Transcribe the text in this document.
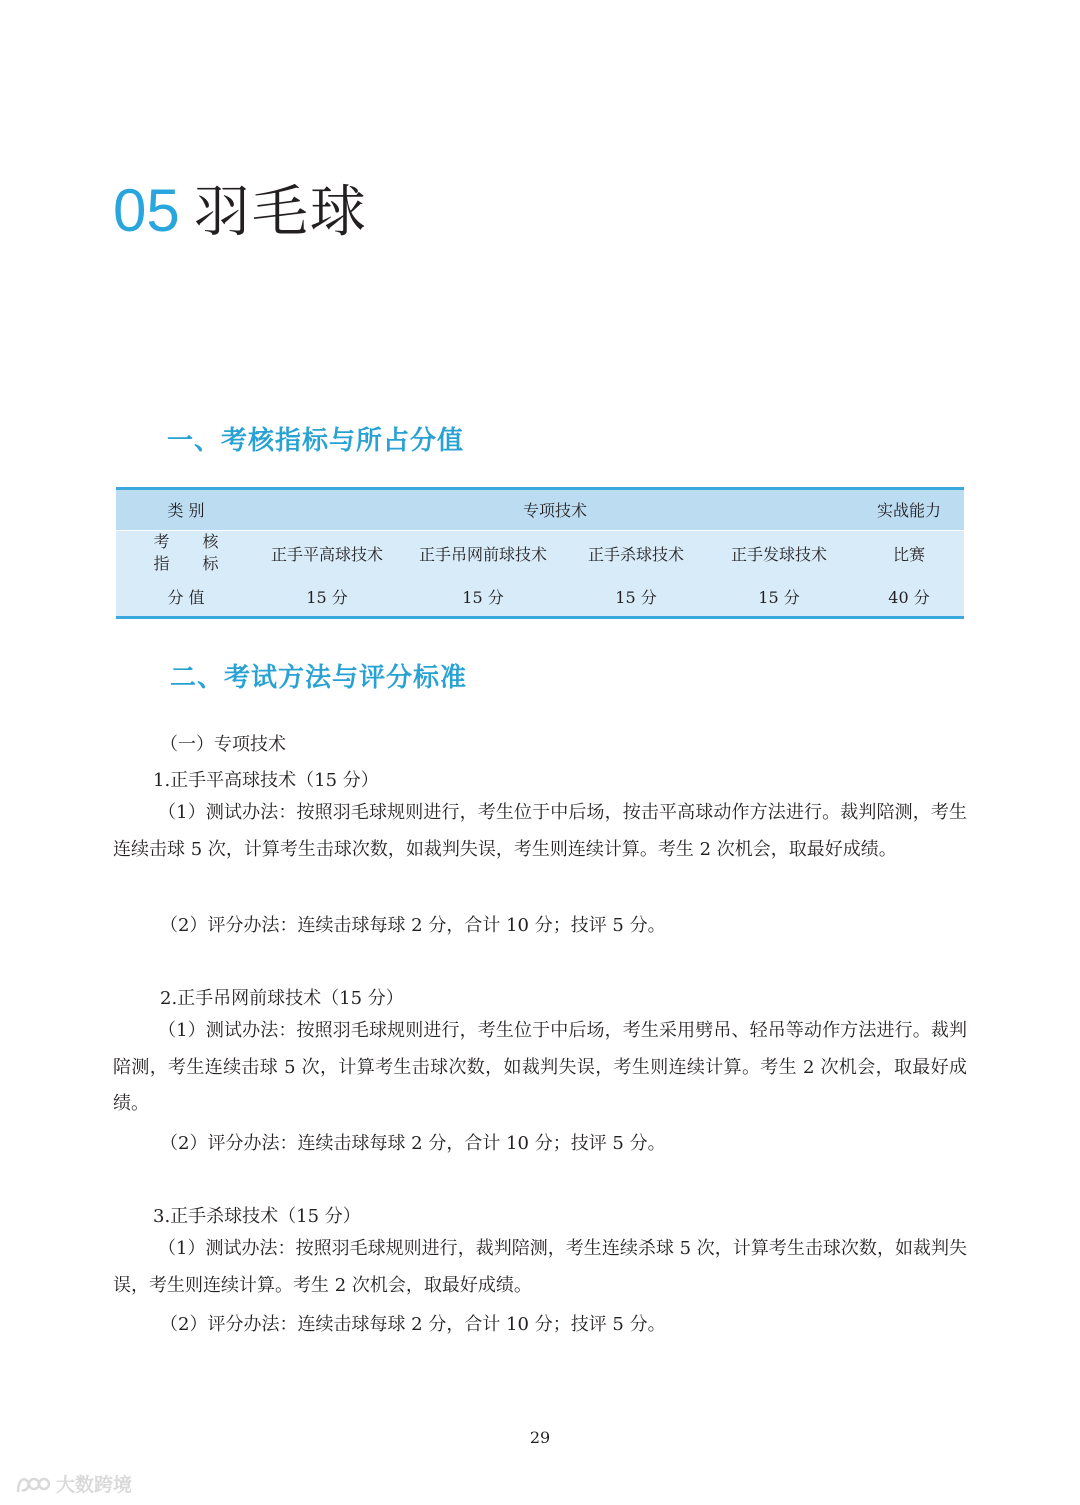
05 羽毛球
一、考核指标与所占分值
类 别	专项技术				实战能力

考 核
指 标	正手平高球技术	正手吊网前球技术	正手杀球技术	正手发球技术	比赛
分 值	15 分	15 分	15 分	15 分	40 分
二、考试方法与评分标准
（一）专项技术
1.正手平高球技术（15 分）
（1）测试办法：按照羽毛球规则进行，考生位于中后场，按击平高球动作方法进行。裁判陪测，考生连续击球 5 次，计算考生击球次数，如裁判失误，考生则连续计算。考生 2 次机会，取最好成绩。
（2）评分办法：连续击球每球 2 分，合计 10 分；技评 5 分。
2.正手吊网前球技术（15 分）
（1）测试办法：按照羽毛球规则进行，考生位于中后场，考生采用劈吊、轻吊等动作方法进行。裁判陪测，考生连续击球 5 次，计算考生击球次数，如裁判失误，考生则连续计算。考生 2 次机会，取最好成绩。
（2）评分办法：连续击球每球 2 分，合计 10 分；技评 5 分。
3.正手杀球技术（15 分）
（1）测试办法：按照羽毛球规则进行，裁判陪测，考生连续杀球 5 次，计算考生击球次数，如裁判失误，考生则连续计算。考生 2 次机会，取最好成绩。
（2）评分办法：连续击球每球 2 分，合计 10 分；技评 5 分。
29
大数跨境
